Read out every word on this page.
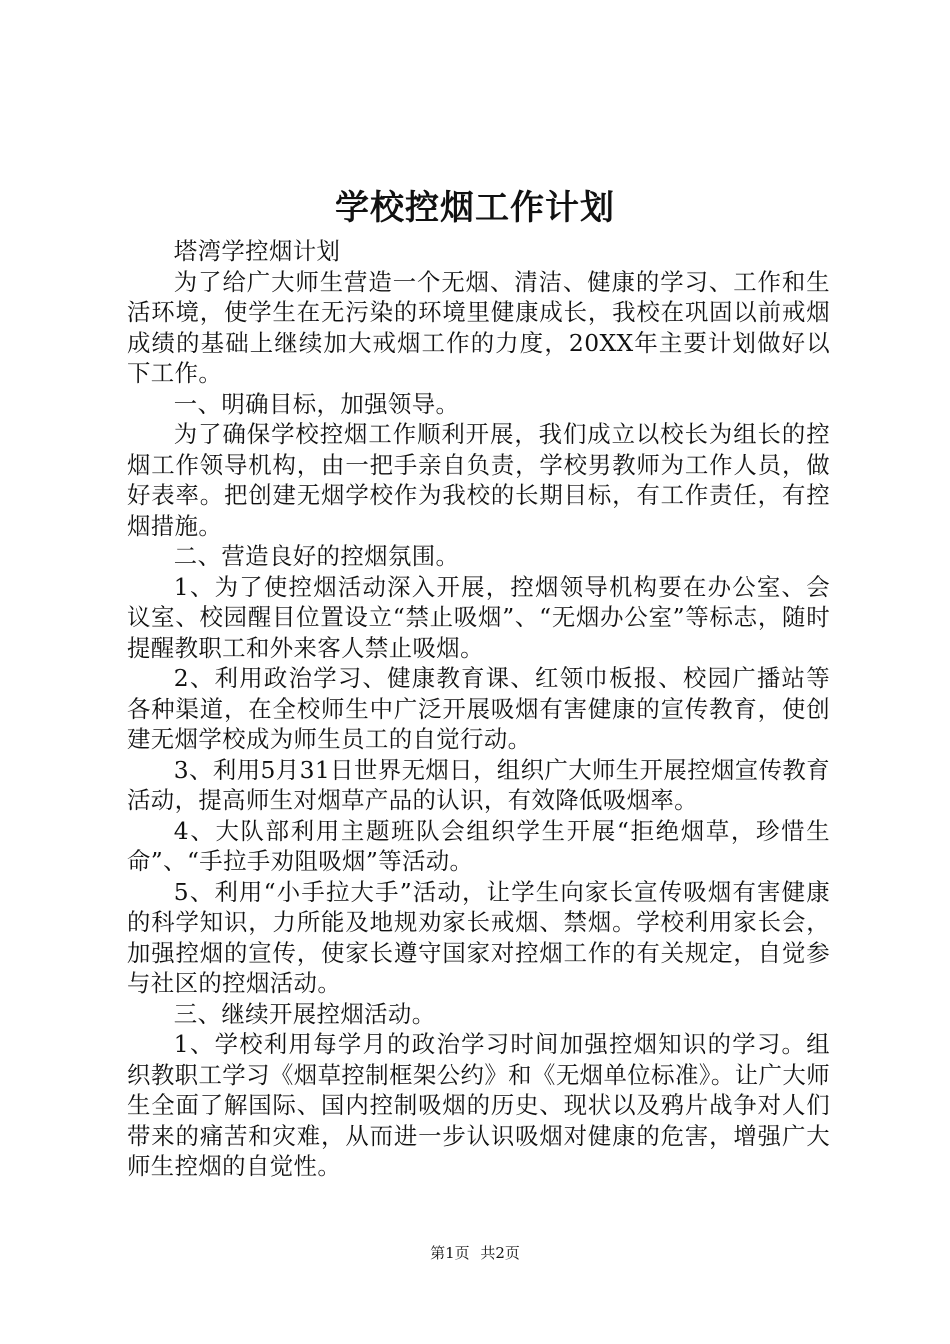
学校控烟工作计划

塔湾学控烟计划

为了给广大师生营造一个无烟、清洁、健康的学习、工作和生活环境，使学生在无污染的环境里健康成长，我校在巩固以前戒烟成绩的基础上继续加大戒烟工作的力度，20XX年主要计划做好以下工作。

一、明确目标，加强领导。

为了确保学校控烟工作顺利开展，我们成立以校长为组长的控烟工作领导机构，由一把手亲自负责，学校男教师为工作人员，做好表率。把创建无烟学校作为我校的长期目标，有工作责任，有控烟措施。

二、营造良好的控烟氛围。

1、为了使控烟活动深入开展，控烟领导机构要在办公室、会议室、校园醒目位置设立“禁止吸烟”、“无烟办公室”等标志，随时提醒教职工和外来客人禁止吸烟。

2、利用政治学习、健康教育课、红领巾板报、校园广播站等各种渠道，在全校师生中广泛开展吸烟有害健康的宣传教育，使创建无烟学校成为师生员工的自觉行动。

3、利用5月31日世界无烟日，组织广大师生开展控烟宣传教育活动，提高师生对烟草产品的认识，有效降低吸烟率。

4、大队部利用主题班队会组织学生开展“拒绝烟草，珍惜生命”、“手拉手劝阻吸烟”等活动。

5、利用“小手拉大手”活动，让学生向家长宣传吸烟有害健康的科学知识，力所能及地规劝家长戒烟、禁烟。学校利用家长会，加强控烟的宣传，使家长遵守国家对控烟工作的有关规定，自觉参与社区的控烟活动。

三、继续开展控烟活动。

1、学校利用每学月的政治学习时间加强控烟知识的学习。组织教职工学习《烟草控制框架公约》和《无烟单位标准》。让广大师生全面了解国际、国内控制吸烟的历史、现状以及鸦片战争对人们带来的痛苦和灾难，从而进一步认识吸烟对健康的危害，增强广大师生控烟的自觉性。

第1页 共2页
